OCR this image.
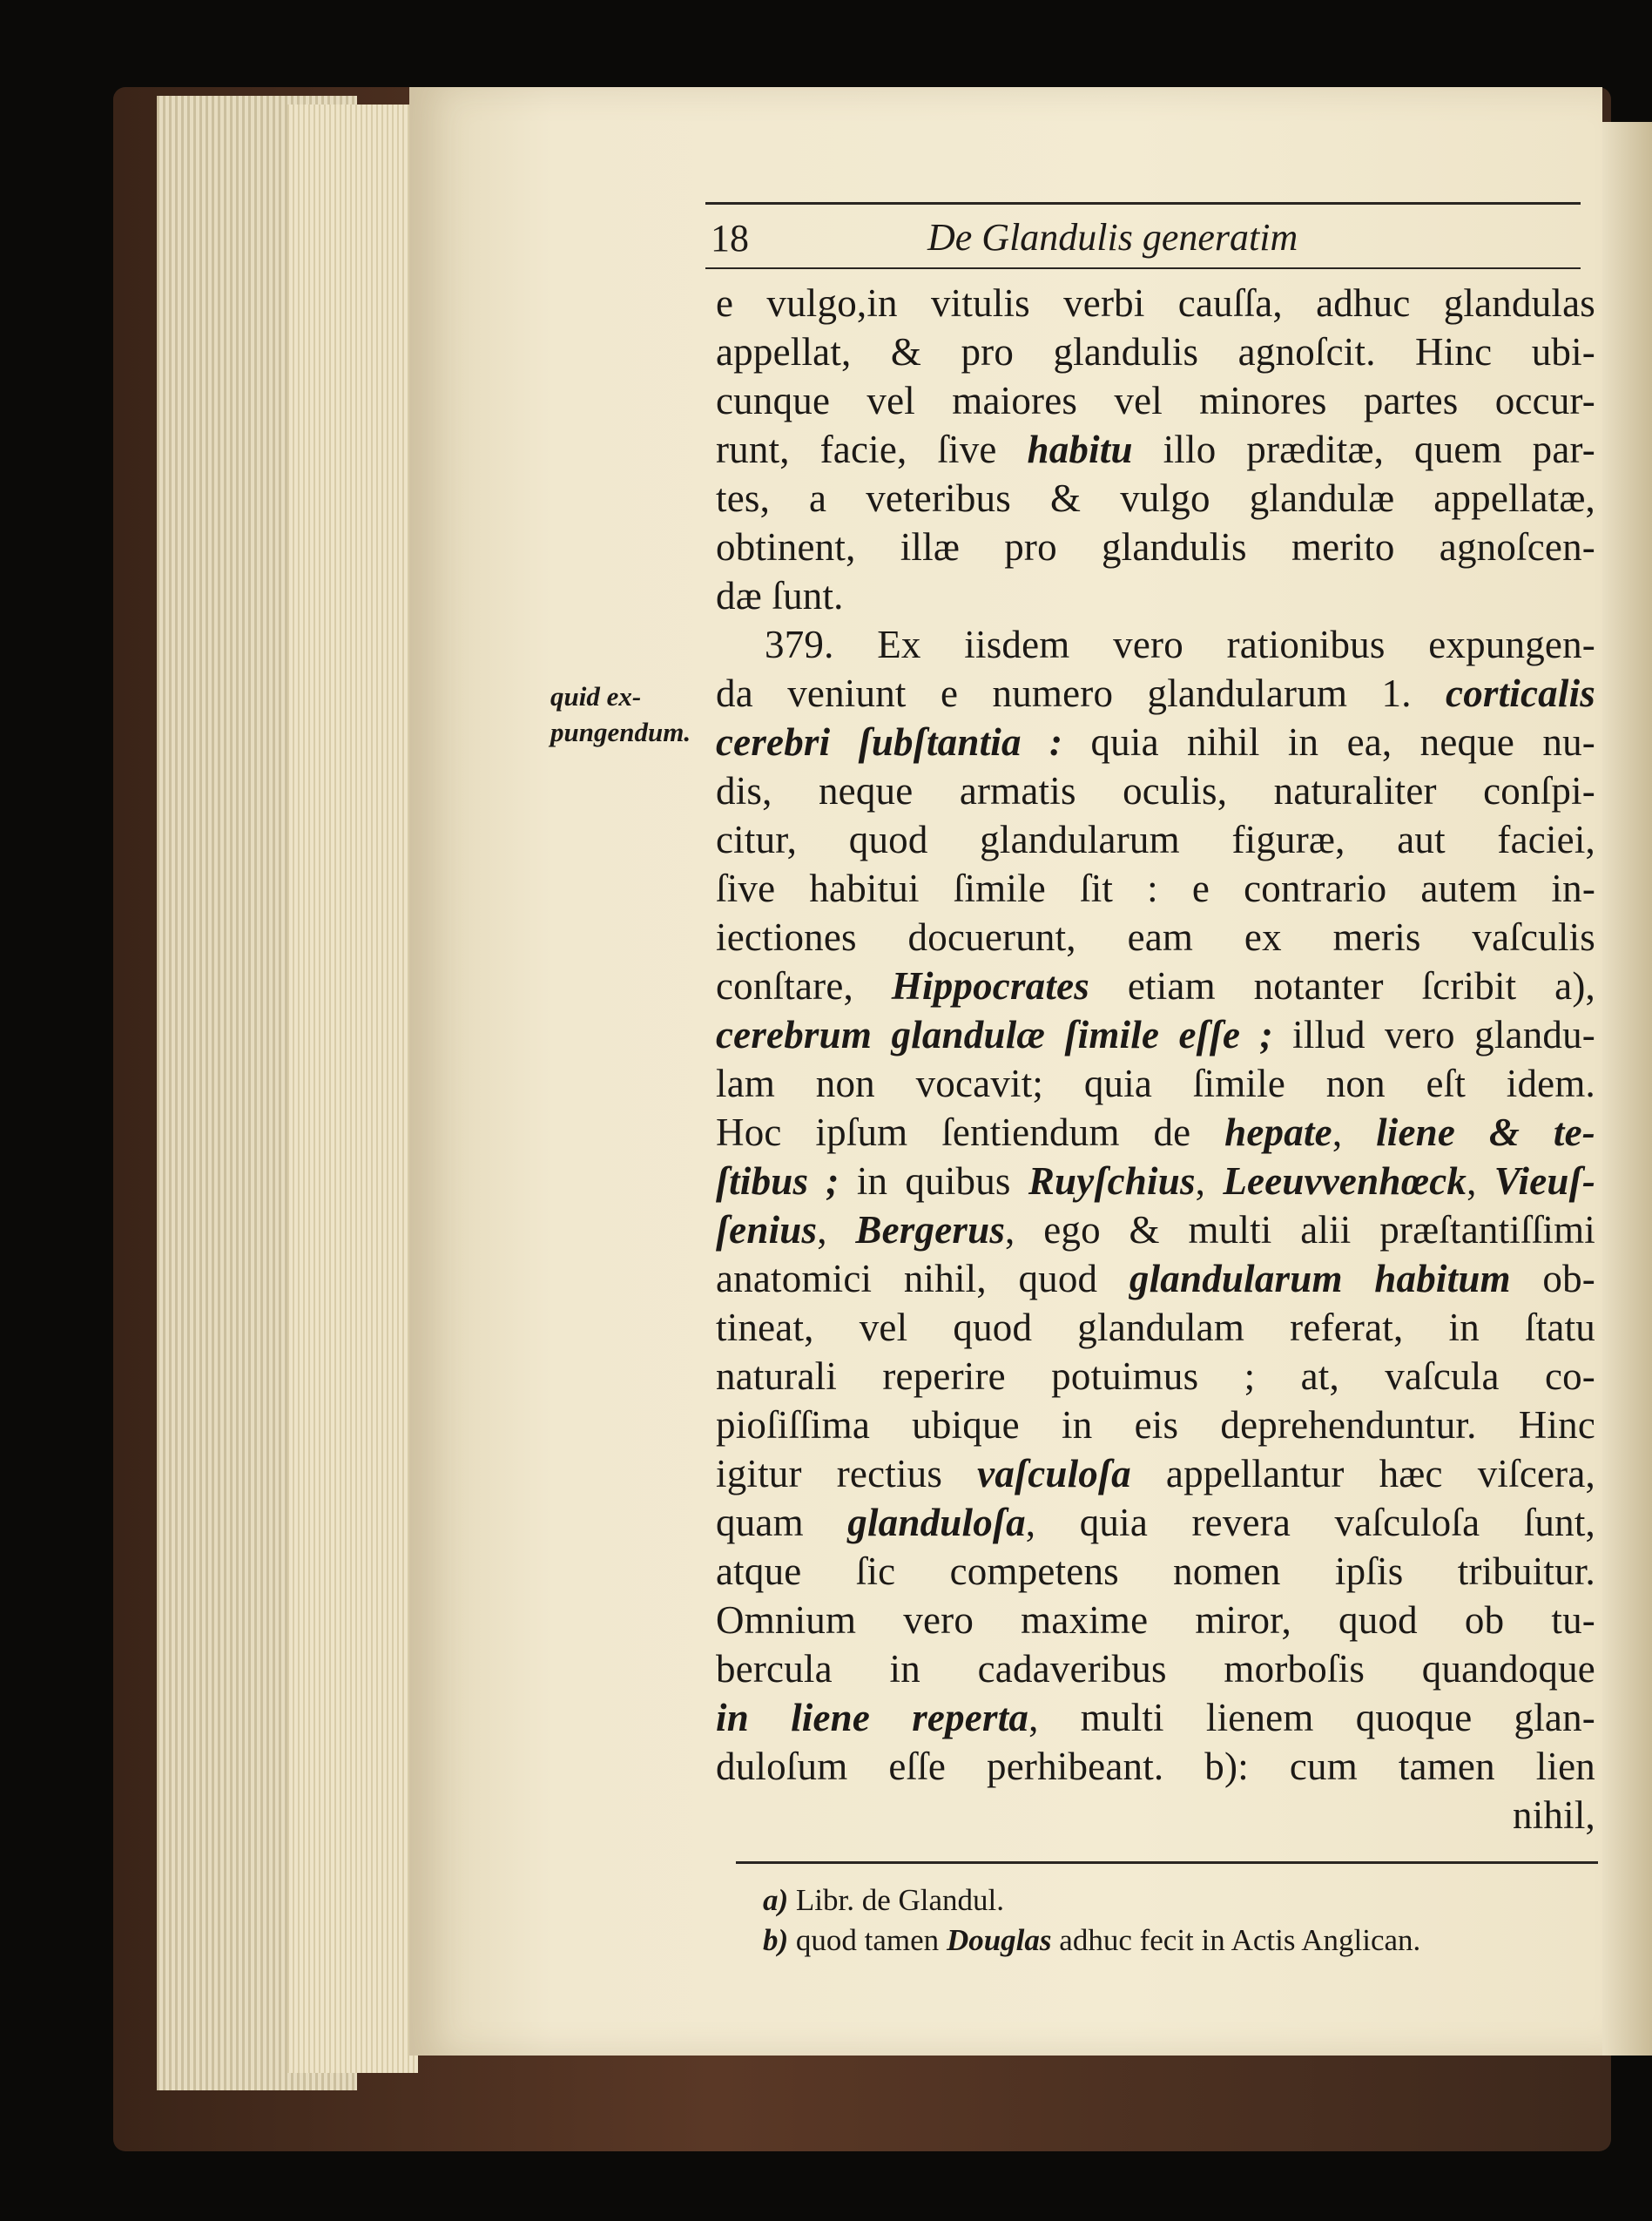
18	De Glandulis generatim
quid ex-
pungendum.
e vulgo,in vitulis verbi cauſſa, adhuc glandulas
appellat, & pro glandulis agnoſcit. Hinc ubi-
cunque vel maiores vel minores partes occur-
runt, facie, ſive habitu illo præditæ, quem par-
tes, a veteribus & vulgo glandulæ appellatæ,
obtinent, illæ pro glandulis merito agnoſcen-
dæ ſunt.
379. Ex iisdem vero rationibus expungen-
da veniunt e numero glandularum 1. corticalis
cerebri ſubſtantia : quia nihil in ea, neque nu-
dis, neque armatis oculis, naturaliter conſpi-
citur, quod glandularum figuræ, aut faciei,
ſive habitui ſimile ſit : e contrario autem in-
iectiones docuerunt, eam ex meris vaſculis
conſtare, Hippocrates etiam notanter ſcribit a),
cerebrum glandulæ ſimile eſſe ; illud vero glandu-
lam non vocavit; quia ſimile non eſt idem.
Hoc ipſum ſentiendum de hepate, liene & te-
ſtibus ; in quibus Ruyſchius, Leeuvvenhœck, Vieuſ-
ſenius, Bergerus, ego & multi alii præſtantiſſimi
anatomici nihil, quod glandularum habitum ob-
tineat, vel quod glandulam referat, in ſtatu
naturali reperire potuimus ; at, vaſcula co-
pioſiſſima ubique in eis deprehenduntur. Hinc
igitur rectius vaſculoſa appellantur hæc viſcera,
quam glanduloſa, quia revera vaſculoſa ſunt,
atque ſic competens nomen ipſis tribuitur.
Omnium vero maxime miror, quod ob tu-
bercula in cadaveribus morboſis quandoque
in liene reperta, multi lienem quoque glan-
duloſum eſſe perhibeant. b): cum tamen lien
nihil,
a) Libr. de Glandul.
b) quod tamen Douglas adhuc fecit in Actis Anglican.
